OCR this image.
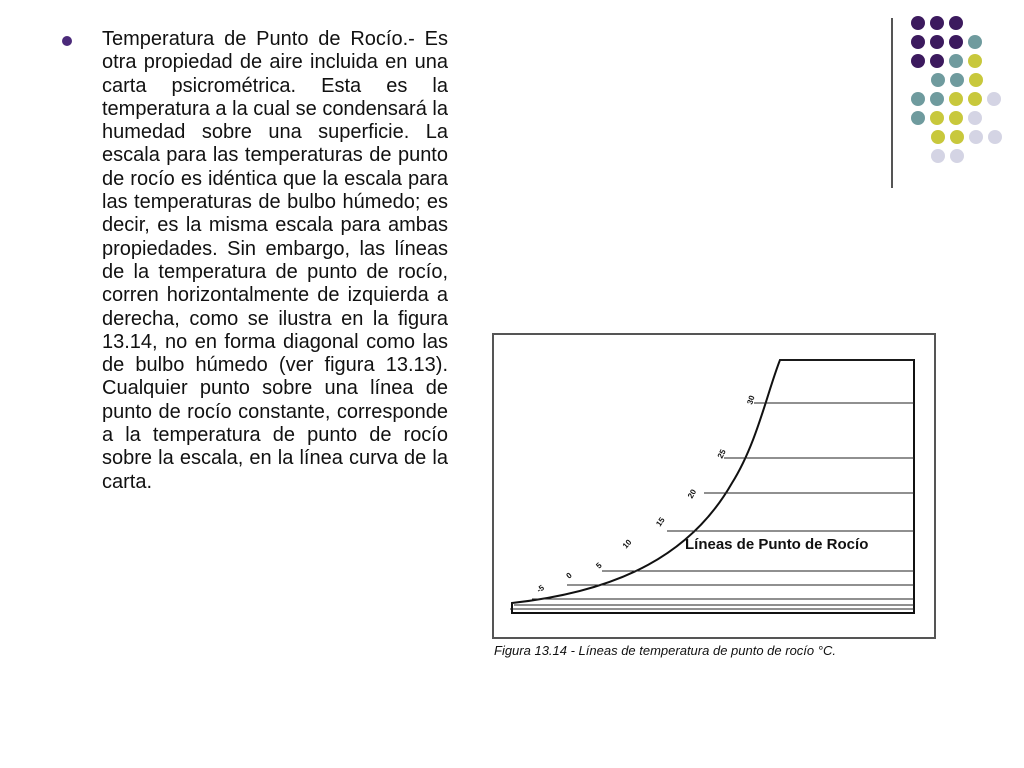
Temperatura de Punto de Rocío.- Es otra propiedad de aire incluida en una carta psicrométrica. Esta es la temperatura a la cual se condensará la humedad sobre una superficie. La escala para las temperaturas de punto de rocío es idéntica que la escala para las temperaturas de bulbo húmedo; es decir, es la misma escala para ambas propiedades. Sin embargo, las líneas de la temperatura de punto de rocío, corren horizontalmente de izquierda a derecha, como se ilustra en la figura 13.14, no en forma diagonal como las de bulbo húmedo (ver figura 13.13). Cualquier punto sobre una línea de punto de rocío constante, corresponde a la temperatura de punto de rocío sobre la escala, en la línea curva de la carta.
-5
0
5
10
15
20
25
30
Líneas de Punto de Rocío
Figura 13.14 - Líneas de temperatura de punto de rocío °C.
